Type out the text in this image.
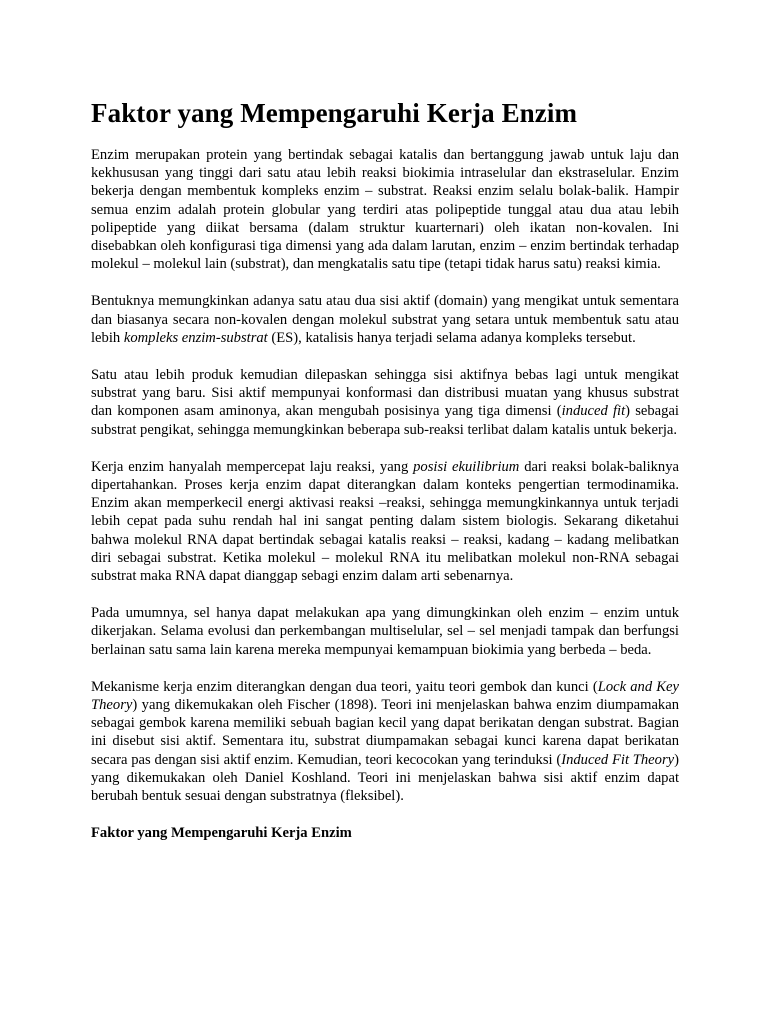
Faktor yang Mempengaruhi Kerja Enzim

Enzim merupakan protein yang bertindak sebagai katalis dan bertanggung jawab untuk laju dan kekhususan yang tinggi dari satu atau lebih reaksi biokimia intraselular dan ekstraselular. Enzim bekerja dengan membentuk kompleks enzim – substrat. Reaksi enzim selalu bolak-balik. Hampir semua enzim adalah protein globular yang terdiri atas polipeptide tunggal atau dua atau lebih polipeptide yang diikat bersama (dalam struktur kuarternari) oleh ikatan non-kovalen. Ini disebabkan oleh konfigurasi tiga dimensi yang ada dalam larutan, enzim – enzim bertindak terhadap molekul – molekul lain (substrat), dan mengkatalis satu tipe (tetapi tidak harus satu) reaksi kimia.

Bentuknya memungkinkan adanya satu atau dua sisi aktif (domain) yang mengikat untuk sementara dan biasanya secara non-kovalen dengan molekul substrat yang setara untuk membentuk satu atau lebih kompleks enzim-substrat (ES), katalisis hanya terjadi selama adanya kompleks tersebut.

Satu atau lebih produk kemudian dilepaskan sehingga sisi aktifnya bebas lagi untuk mengikat substrat yang baru. Sisi aktif mempunyai konformasi dan distribusi muatan yang khusus substrat dan komponen asam aminonya, akan mengubah posisinya yang tiga dimensi (induced fit) sebagai substrat pengikat, sehingga memungkinkan beberapa sub-reaksi terlibat dalam katalis untuk bekerja.

Kerja enzim hanyalah mempercepat laju reaksi, yang posisi ekuilibrium dari reaksi bolak-baliknya dipertahankan. Proses kerja enzim dapat diterangkan dalam konteks pengertian termodinamika. Enzim akan memperkecil energi aktivasi reaksi –reaksi, sehingga memungkinkannya untuk terjadi lebih cepat pada suhu rendah hal ini sangat penting dalam sistem biologis. Sekarang diketahui bahwa molekul RNA dapat bertindak sebagai katalis reaksi – reaksi, kadang – kadang melibatkan diri sebagai substrat. Ketika molekul – molekul RNA itu melibatkan molekul non-RNA sebagai substrat maka RNA dapat dianggap sebagi enzim dalam arti sebenarnya.

Pada umumnya, sel hanya dapat melakukan apa yang dimungkinkan oleh enzim – enzim untuk dikerjakan. Selama evolusi dan perkembangan multiselular, sel – sel menjadi tampak dan berfungsi berlainan satu sama lain karena mereka mempunyai kemampuan biokimia yang berbeda – beda.

Mekanisme kerja enzim diterangkan dengan dua teori, yaitu teori gembok dan kunci (Lock and Key Theory) yang dikemukakan oleh Fischer (1898). Teori ini menjelaskan bahwa enzim diumpamakan sebagai gembok karena memiliki sebuah bagian kecil yang dapat berikatan dengan substrat. Bagian ini disebut sisi aktif. Sementara itu, substrat diumpamakan sebagai kunci karena dapat berikatan secara pas dengan sisi aktif enzim. Kemudian, teori kecocokan yang terinduksi (Induced Fit Theory) yang dikemukakan oleh Daniel Koshland. Teori ini menjelaskan bahwa sisi aktif enzim dapat berubah bentuk sesuai dengan substratnya (fleksibel).

Faktor yang Mempengaruhi Kerja Enzim
